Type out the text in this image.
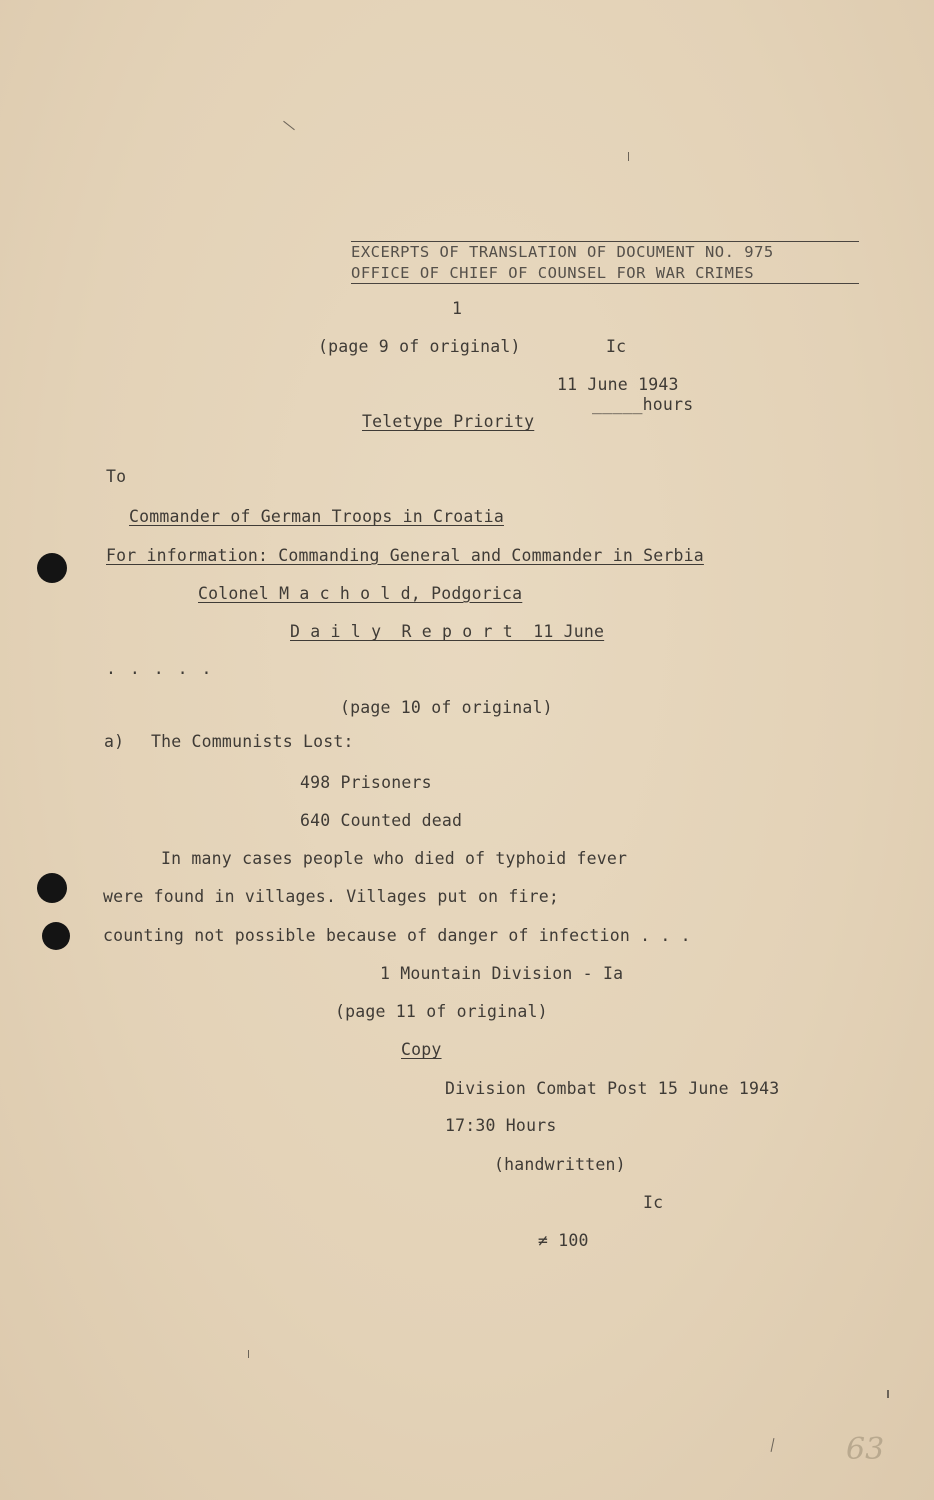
EXCERPTS OF TRANSLATION OF DOCUMENT NO. 975
OFFICE OF CHIEF OF COUNSEL FOR WAR CRIMES
1
(page 9 of original)	Ic
11 June 1943
_____hours
Teletype Priority
To
Commander of German Troops in Croatia
For information: Commanding General and Commander in Serbia
Colonel M a c h o l d, Podgorica
D a i l y  R e p o r t  11 June
. . . . .
(page 10 of original)
a) The Communists Lost:
498 Prisoners
640 Counted dead
In many cases people who died of typhoid fever
were found in villages. Villages put on fire;
counting not possible because of danger of infection . . .
1 Mountain Division - Ia
(page 11 of original)
Copy
Division Combat Post 15 June 1943
17:30 Hours
(handwritten)
Ic
≠ 100
63
